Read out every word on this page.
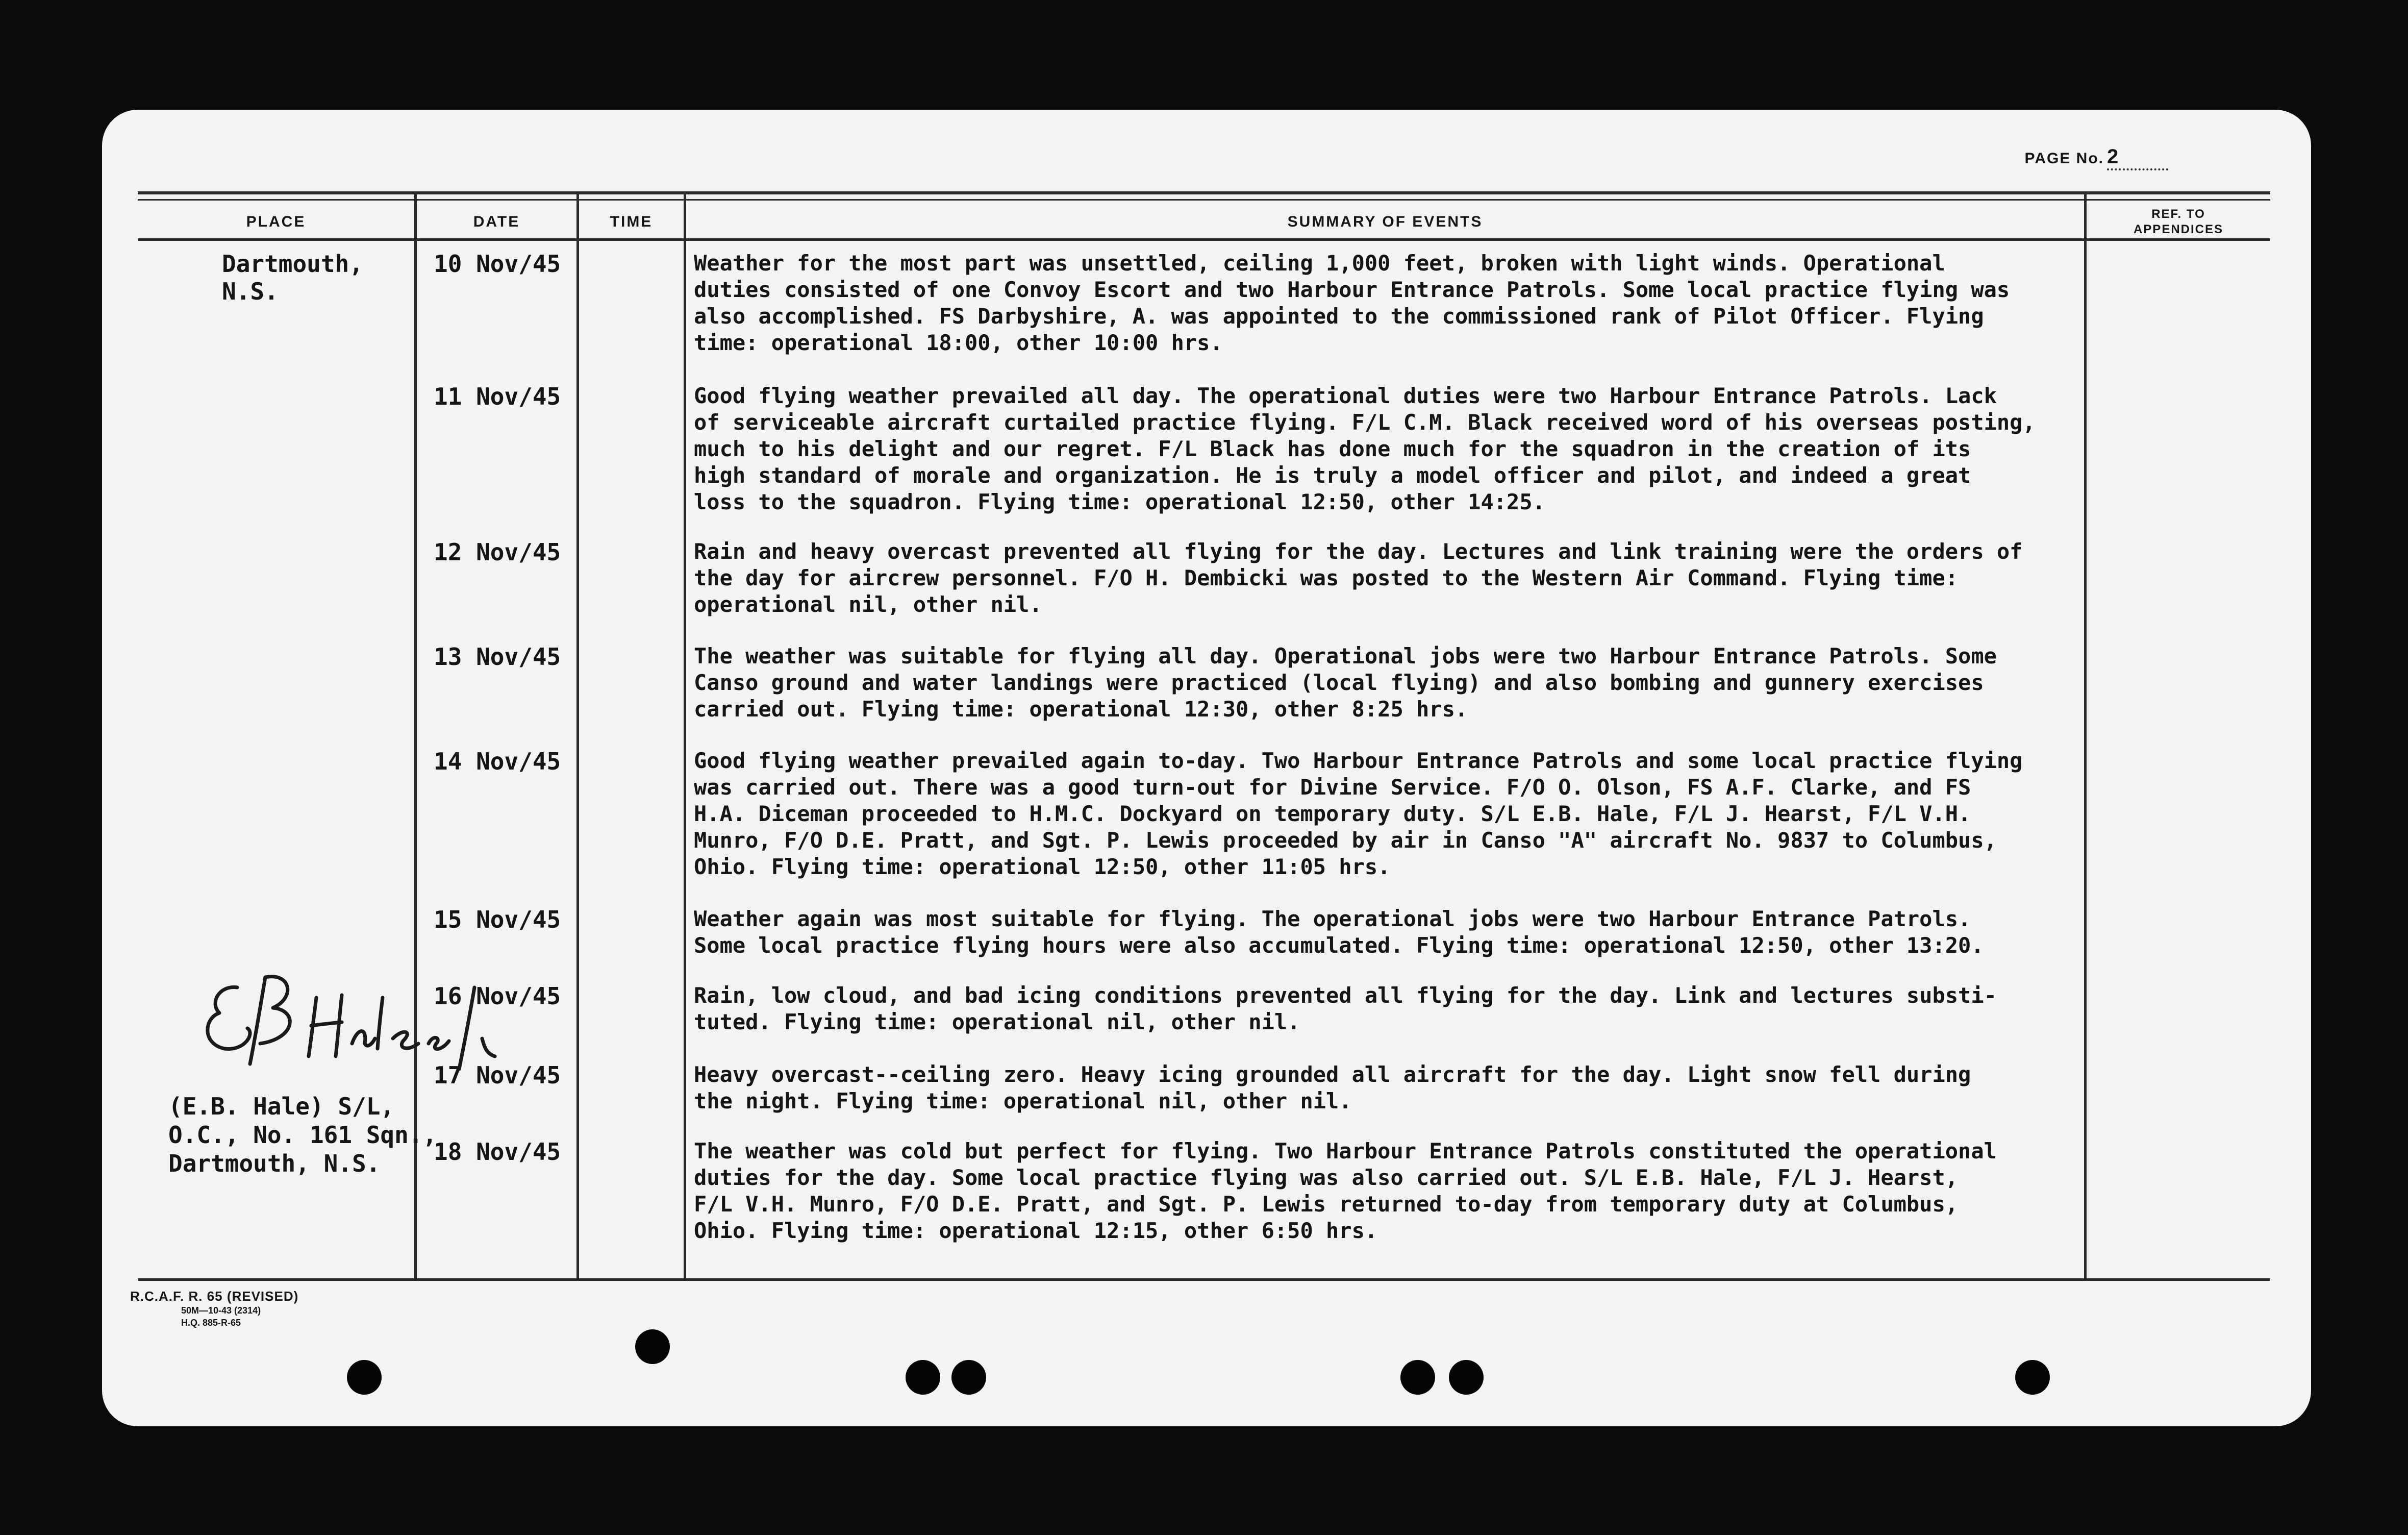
PAGE No. 2
PLACE	DATE	TIME	SUMMARY OF EVENTS	REF. TO
APPENDICES
Dartmouth, N.S.
10 Nov/45	Weather for the most part was unsettled, ceiling 1,000 feet, broken with light winds. Operational
duties consisted of one Convoy Escort and two Harbour Entrance Patrols. Some local practice flying was
also accomplished. FS Darbyshire, A. was appointed to the commissioned rank of Pilot Officer. Flying
time: operational 18:00, other 10:00 hrs.
11 Nov/45	Good flying weather prevailed all day. The operational duties were two Harbour Entrance Patrols. Lack
of serviceable aircraft curtailed practice flying. F/L C.M. Black received word of his overseas posting,
much to his delight and our regret. F/L Black has done much for the squadron in the creation of its
high standard of morale and organization. He is truly a model officer and pilot, and indeed a great
loss to the squadron. Flying time: operational 12:50, other 14:25.
12 Nov/45	Rain and heavy overcast prevented all flying for the day. Lectures and link training were the orders of
the day for aircrew personnel. F/O H. Dembicki was posted to the Western Air Command. Flying time:
operational nil, other nil.
13 Nov/45	The weather was suitable for flying all day. Operational jobs were two Harbour Entrance Patrols. Some
Canso ground and water landings were practiced (local flying) and also bombing and gunnery exercises
carried out. Flying time: operational 12:30, other 8:25 hrs.
14 Nov/45	Good flying weather prevailed again to-day. Two Harbour Entrance Patrols and some local practice flying
was carried out. There was a good turn-out for Divine Service. F/O O. Olson, FS A.F. Clarke, and FS
H.A. Diceman proceeded to H.M.C. Dockyard on temporary duty. S/L E.B. Hale, F/L J. Hearst, F/L V.H.
Munro, F/O D.E. Pratt, and Sgt. P. Lewis proceeded by air in Canso "A" aircraft No. 9837 to Columbus,
Ohio. Flying time: operational 12:50, other 11:05 hrs.
15 Nov/45	Weather again was most suitable for flying. The operational jobs were two Harbour Entrance Patrols.
Some local practice flying hours were also accumulated. Flying time: operational 12:50, other 13:20.
16 Nov/45	Rain, low cloud, and bad icing conditions prevented all flying for the day. Link and lectures substi-
tuted. Flying time: operational nil, other nil.
17 Nov/45	Heavy overcast--ceiling zero. Heavy icing grounded all aircraft for the day. Light snow fell during
the night. Flying time: operational nil, other nil.
18 Nov/45	The weather was cold but perfect for flying. Two Harbour Entrance Patrols constituted the operational
duties for the day. Some local practice flying was also carried out. S/L E.B. Hale, F/L J. Hearst,
F/L V.H. Munro, F/O D.E. Pratt, and Sgt. P. Lewis returned to-day from temporary duty at Columbus,
Ohio. Flying time: operational 12:15, other 6:50 hrs.
(E.B. Hale) S/L,
O.C., No. 161 Sqn.,
Dartmouth, N.S.
R.C.A.F. R. 65 (REVISED)
50M—10-43 (2314)
H.Q. 885-R-65
